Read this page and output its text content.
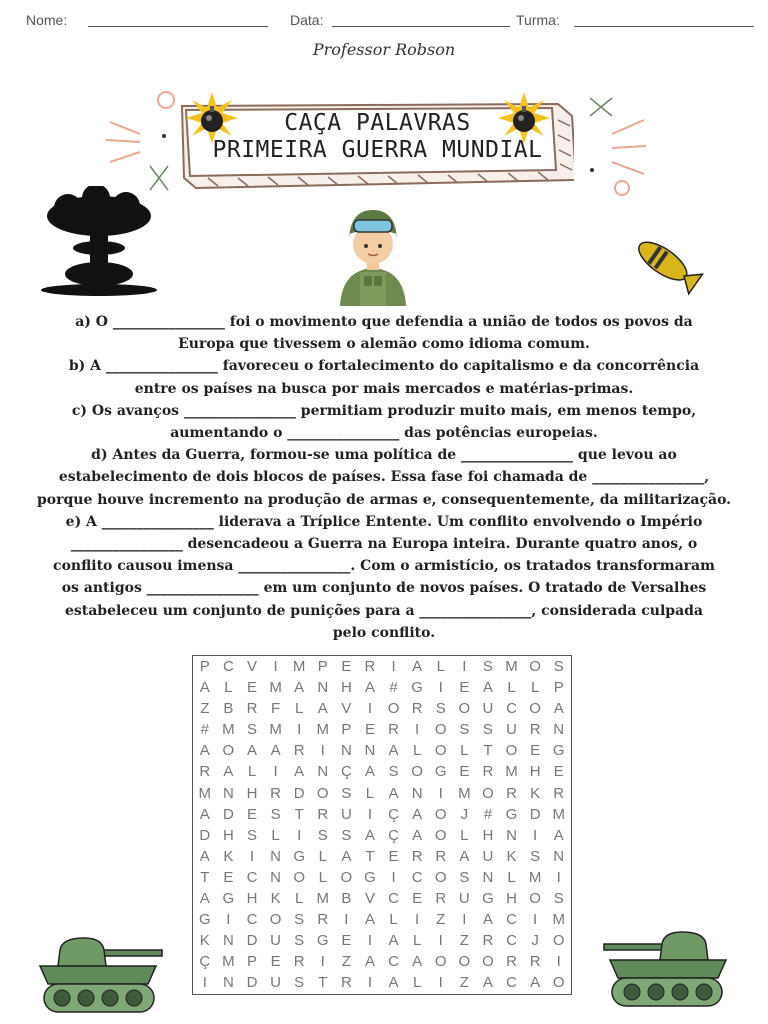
Nome:	Data:	Turma:
Professor Robson
CAÇA PALAVRAS
PRIMEIRA GUERRA MUNDIAL

a) O ________________ foi o movimento que defendia a união de todos os povos da

Europa que tivessem o alemão como idioma comum.

b) A ________________ favoreceu o fortalecimento do capitalismo e da concorrência

entre os países na busca por mais mercados e matérias-primas.

c) Os avanços ________________ permitiam produzir muito mais, em menos tempo,

aumentando o ________________ das potências europeias.

d) Antes da Guerra, formou-se uma política de ________________ que levou ao

estabelecimento de dois blocos de países. Essa fase foi chamada de ________________,

porque houve incremento na produção de armas e, consequentemente, da militarização.

e) A ________________ liderava a Tríplice Entente. Um conflito envolvendo o Império

________________ desencadeou a Guerra na Europa inteira. Durante quatro anos, o

conflito causou imensa ________________. Com o armistício, os tratados transformaram

os antigos ________________ em um conjunto de novos países. O tratado de Versalhes

estabeleceu um conjunto de punições para a ________________, considerada culpada

pelo conflito.

P C V	I	M P E R	I	A L	I	S M O S
A L E M A N H A # G	I	E A L	L P
Z B R F L A V	I	O R S O U C O A
# M S M	I	M P E R	I	O S S U R N
A O A A R	I	N N A L O L T O E G
R A L	I	A N Ç A S O G E R M H E
M N H R D O S L A N	I	M O R K R
A D E S T R U	I	Ç A O J	# G D M
D H S L	I	S S A Ç A O L H N	I	A
A K	I	N G L A T E R R A U K S N
T E C N O L O G	I	C O S N L M	I
A G H K L M B V C E R U G H O S
G	I	C O S R	I	A L	I	Z	I	A C	I	M
K N D U S G E	I	A L	I	Z R C J O
Ç M P E R	I	Z A C A O O O R R	I
I	N D U S T R	I	A L	I	Z A C A O
